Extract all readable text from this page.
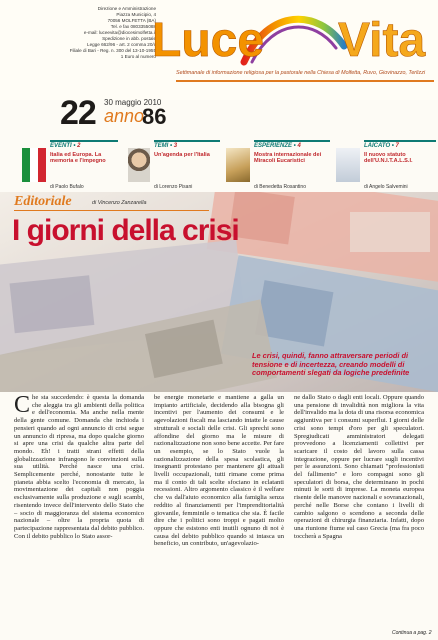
Direzione e Amministrazione
Piazza Municipio, 4
70056 MOLFETTA (BA)
Tel. e fax 0803355088
e-mail: luceevita@diocesimolfetta.it
Spedizione in abb. postale
Legge 662/96 - art. 2 comma 20/c
Filiale di Bari - Reg. n. 300 del 13-10-1955
1 Euro al numero
Luce Vita
Settimanale di informazione religiosa per la pastorale nella Chiesa di Molfetta, Ruvo, Giovinazzo, Terlizzi
22 30 maggio 2010
anno
86
EVENTI • 2
Italia ed Europa. La memoria e l'impegno
di Paolo Bufalo
TEMI • 3
Un'agenda per l'Italia
di Lorenzo Pisani
ESPERIENZE • 4
Mostra internazionale dei Miracoli Eucaristici
di Benedetta Rosantino
LAICATO • 7
Il nuovo statuto dell'U.N.I.T.A.L.S.I.
di Angelo Salvemini
Editoriale	di Vincenzo Zanzarella
I giorni della crisi
Le crisi, quindi, fanno attraversare periodi di tensione e di incertezza, creando modelli di comportamenti slegati da logiche predefinite
Che sta succedendo: è questa la domanda che aleggia tra gli ambienti della politica e dell'economia. Ma anche nella mente della gente comune. Domanda che inchioda i pensieri quando ad ogni annuncio di crisi segue un annuncio di ripresa, ma dopo qualche giorno si apre una crisi da qualche altra parte del mondo. Eh! i tratti strani effetti della globalizzazione infrangono le convinzioni sulla sua utilità. Perché nasce una crisi. Semplicemente perché, nonostante tutte le pianeta abbia scelto l'economia di mercato, la movimentazione dei capitali non poggia esclusivamente sulla produzione e sugli scambi, risentendo invece dell'intervento dello Stato che – socio di maggioranza del sistema economico nazionale – oltre la propria quota di partecipazione rappresentata dal debito pubblico. Con il debito pubblico lo Stato assor-
be energie monetarie e mantiene a galla un impianto artificiale, decidendo alla bisogna gli incentivi per l'aumento dei consumi e le agevolazioni fiscali ma lasciando intatte le cause strutturali e sociali delle crisi. Gli sprechi sono affondine del giorno ma le misure di razionalizzazione non sono bene accette. Per fare un esempio, se lo Stato vuole la razionalizzazione della spesa scolastica, gli insegnanti protestano per mantenere gli attuali livelli occupazionali, tutti rimane come prima ma il conto di tali scelte sfociano in eclatanti recessioni. Altro argomento classico è il welfare che va dall'aiuto economico alla famiglia senza reddito al finanziamenti per l'imprenditorialità giovanile, femminile o tematica che sia. È facile dire che i politici sono troppi e pagati molto oppure che esistono enti inutili ognuno di noi è causa del debito pubblico quando si intasca un beneficio, un contributo, un'agevolazio-
ne dallo Stato o dagli enti locali. Oppure quando una pensione di invalidità non migliora la vita dell'invalido ma la dota di una risorsa economica aggiuntiva per i consumi superflui. I giorni delle crisi sono tempi d'oro per gli speculatori. Spregiudicati amministratori delegati provvedono a licenziamenti collettivi per scaricare il costo del lavoro sulla cassa integrazione, oppure per lucrare sugli incentivi per le assunzioni. Sono chiamati "professionisti del fallimento" e loro compagni sono gli speculatori di borsa, che determinano in pochi minuti le sorti di imprese. La moneta europea risente delle manovre nazionali e sovranazionali, perché nelle Borse che contano i livelli di cambio salgono o scendono a seconda delle operazioni di chirurgia finanziaria. Infatti, dopo una riunione fiume sul caso Grecia (ma fra poco toccherà a Spagna
Continua a pag. 2
